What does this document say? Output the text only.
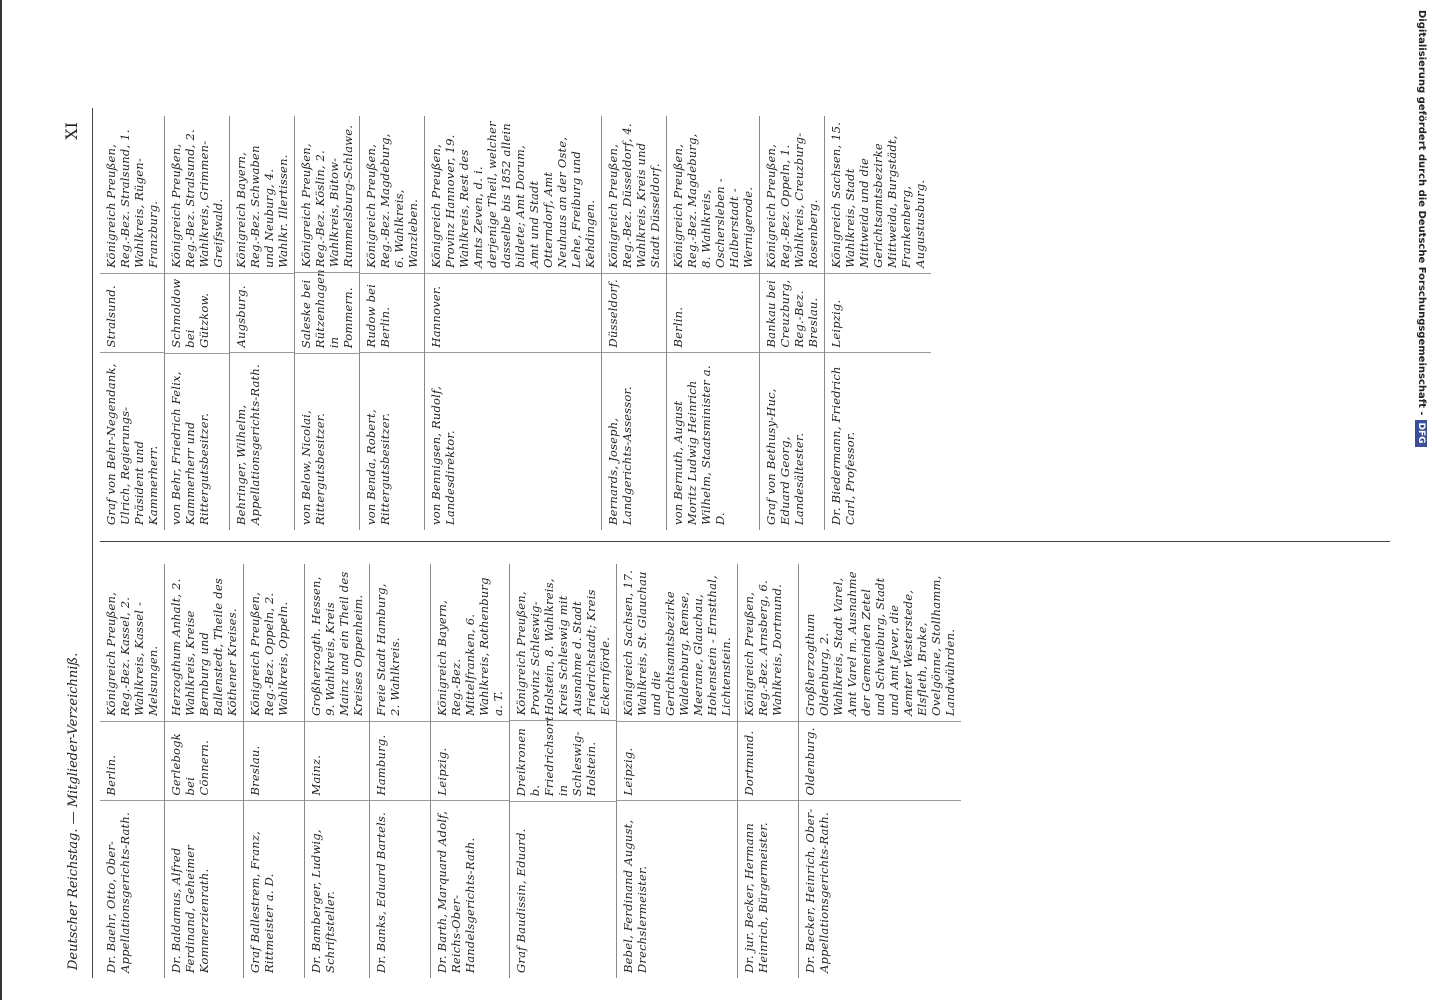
Deutscher Reichstag. — Mitglieder-Verzeichniß.
XI
Dr. Baehr, Otto, Ober-Appellationsgerichts-Rath.
Berlin.
Königreich Preußen, Reg.-Bez. Kassel, 2. Wahlkreis, Kassel - Melsungen.
Dr. Baldamus, Alfred Ferdinand, Geheimer Kommerzienrath.
Gerlebogk bei Cönnern.
Herzogthum Anhalt, 2. Wahlkreis, Kreise Bernburg und Ballenstedt, Theile des Köthener Kreises.
Graf Ballestrem, Franz, Rittmeister a. D.
Breslau.
Königreich Preußen, Reg.-Bez. Oppeln, 2. Wahlkreis, Oppeln.
Dr. Bamberger, Ludwig, Schriftsteller.
Mainz.
Großherzogth. Hessen, 9. Wahlkreis, Kreis Mainz und ein Theil des Kreises Oppenheim.
Dr. Banks, Eduard Bartels.
Hamburg.
Freie Stadt Hamburg, 2. Wahlkreis.
Dr. Barth, Marquard Adolf, Reichs-Ober-Handelsgerichts-Rath.
Leipzig.
Königreich Bayern, Reg.-Bez. Mittelfranken, 6. Wahlkreis, Rothenburg a. T.
Graf Baudissin, Eduard.
Dreikronen b. Friedrichsort in Schleswig-Holstein.
Königreich Preußen, Provinz Schleswig-Holstein, 8. Wahlkreis, Kreis Schleswig mit Ausnahme d. Stadt Friedrichstadt; Kreis Eckernförde.
Bebel, Ferdinand August, Drechslermeister.
Leipzig.
Königreich Sachsen, 17. Wahlkreis, St. Glauchau und die Gerichtsamtsbezirke Waldenburg, Remse, Meerane, Glauchau, Hohenstein - Ernstthal, Lichtenstein.
Dr. jur. Becker, Hermann Heinrich, Bürgermeister.
Dortmund.
Königreich Preußen, Reg.-Bez. Arnsberg, 6. Wahlkreis, Dortmund.
Dr. Becker, Heinrich, Ober-Appellationsgerichts-Rath.
Oldenburg.
Großherzogthum Oldenburg, 2. Wahlkreis, Stadt Varel, Amt Varel m. Ausnahme der Gemeinden Zetel und Schweiburg, Stadt und Amt Jever, die Aemter Westerstede, Elsfleth, Brake, Ovelgönne, Stollhamm, Landwührden.
Graf von Behr-Negendank, Ulrich, Regierungs-Präsident und Kammerherr.
Stralsund.
Königreich Preußen, Reg.-Bez. Stralsund, 1. Wahlkreis, Rügen-Franzburg.
von Behr, Friedrich Felix, Kammerherr und Rittergutsbesitzer.
Schmoldow bei Gützkow.
Königreich Preußen, Reg.-Bez. Stralsund, 2. Wahlkreis, Grimmen-Greifswald.
Behringer, Wilhelm, Appellationsgerichts-Rath.
Augsburg.
Königreich Bayern, Reg.-Bez. Schwaben und Neuburg, 4. Wahlkr. Illertissen.
von Below, Nicolai, Rittergutsbesitzer.
Saleske bei Rützenhagen in Pommern.
Königreich Preußen, Reg.-Bez. Köslin, 2. Wahlkreis, Bütow-Rummelsburg-Schlawe.
von Benda, Robert, Rittergutsbesitzer.
Rudow bei Berlin.
Königreich Preußen, Reg.-Bez. Magdeburg, 6. Wahlkreis, Wanzleben.
von Bennigsen, Rudolf, Landesdirektor.
Hannover.
Königreich Preußen, Provinz Hannover, 19. Wahlkreis, Rest des Amts Zeven, d. i. derjenige Theil, welcher dasselbe bis 1852 allein bildete; Amt Dorum, Amt und Stadt Otterndorf, Amt Neuhaus an der Oste, Lehe, Freiburg und Kehdingen.
Bernards, Joseph, Landgerichts-Assessor.
Düsseldorf.
Königreich Preußen, Reg.-Bez. Düsseldorf, 4. Wahlkreis, Kreis und Stadt Düsseldorf.
von Bernuth, August Moritz Ludwig Heinrich Wilhelm, Staatsminister a. D.
Berlin.
Königreich Preußen, Reg.-Bez. Magdeburg, 8. Wahlkreis, Oschersleben - Halberstadt - Wernigerode.
Graf von Bethusy-Huc, Eduard Georg, Landesältester.
Bankau bei Creuzburg, Reg.-Bez. Breslau.
Königreich Preußen, Reg.-Bez. Oppeln, 1. Wahlkreis, Creuzburg-Rosenberg.
Dr. Biedermann, Friedrich Carl, Professor.
Leipzig.
Königreich Sachsen, 15. Wahlkreis, Stadt Mittweida und die Gerichtsamtsbezirke Mittweida, Burgstädt, Frankenberg, Augustusburg.	Digitalisierung gefördert durch die Deutsche Forschungsgemeinschaft -DFG
